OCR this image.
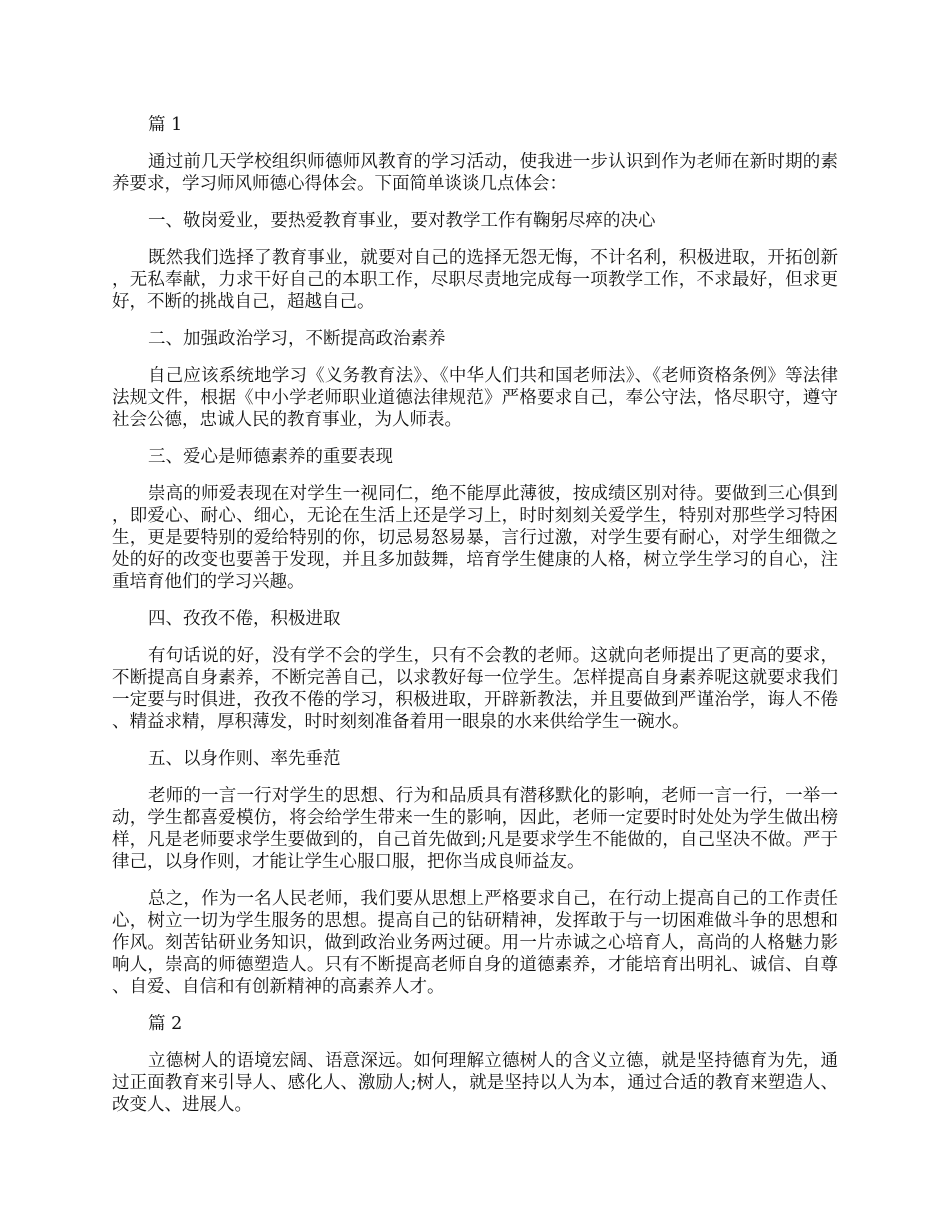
篇 1

通过前几天学校组织师德师风教育的学习活动，使我进一步认识到作为老师在新时期的素养要求，学习师风师德心得体会。下面简单谈谈几点体会：

一、敬岗爱业，要热爱教育事业，要对教学工作有鞠躬尽瘁的决心

既然我们选择了教育事业，就要对自己的选择无怨无悔，不计名利，积极进取，开拓创新，无私奉献，力求干好自己的本职工作，尽职尽责地完成每一项教学工作，不求最好，但求更好，不断的挑战自己，超越自己。

二、加强政治学习，不断提高政治素养

自己应该系统地学习《义务教育法》、《中华人们共和国老师法》、《老师资格条例》等法律法规文件，根据《中小学老师职业道德法律规范》严格要求自己，奉公守法，恪尽职守，遵守社会公德，忠诚人民的教育事业，为人师表。

三、爱心是师德素养的重要表现

崇高的师爱表现在对学生一视同仁，绝不能厚此薄彼，按成绩区别对待。要做到三心俱到，即爱心、耐心、细心，无论在生活上还是学习上，时时刻刻关爱学生，特别对那些学习特困生，更是要特别的爱给特别的你，切忌易怒易暴，言行过激，对学生要有耐心，对学生细微之处的好的改变也要善于发现，并且多加鼓舞，培育学生健康的人格，树立学生学习的自心，注重培育他们的学习兴趣。

四、孜孜不倦，积极进取

有句话说的好，没有学不会的学生，只有不会教的老师。这就向老师提出了更高的要求，不断提高自身素养，不断完善自己，以求教好每一位学生。怎样提高自身素养呢这就要求我们一定要与时俱进，孜孜不倦的学习，积极进取，开辟新教法，并且要做到严谨治学，诲人不倦、精益求精，厚积薄发，时时刻刻准备着用一眼泉的水来供给学生一碗水。

五、以身作则、率先垂范

老师的一言一行对学生的思想、行为和品质具有潜移默化的影响，老师一言一行，一举一动，学生都喜爱模仿，将会给学生带来一生的影响，因此，老师一定要时时处处为学生做出榜样，凡是老师要求学生要做到的，自己首先做到;凡是要求学生不能做的，自己坚决不做。严于律己，以身作则，才能让学生心服口服，把你当成良师益友。

总之，作为一名人民老师，我们要从思想上严格要求自己，在行动上提高自己的工作责任心，树立一切为学生服务的思想。提高自己的钻研精神，发挥敢于与一切困难做斗争的思想和作风。刻苦钻研业务知识，做到政治业务两过硬。用一片赤诚之心培育人，高尚的人格魅力影响人，崇高的师德塑造人。只有不断提高老师自身的道德素养，才能培育出明礼、诚信、自尊、自爱、自信和有创新精神的高素养人才。

篇 2

立德树人的语境宏阔、语意深远。如何理解立德树人的含义立德，就是坚持德育为先，通过正面教育来引导人、感化人、激励人;树人，就是坚持以人为本，通过合适的教育来塑造人、改变人、进展人。
